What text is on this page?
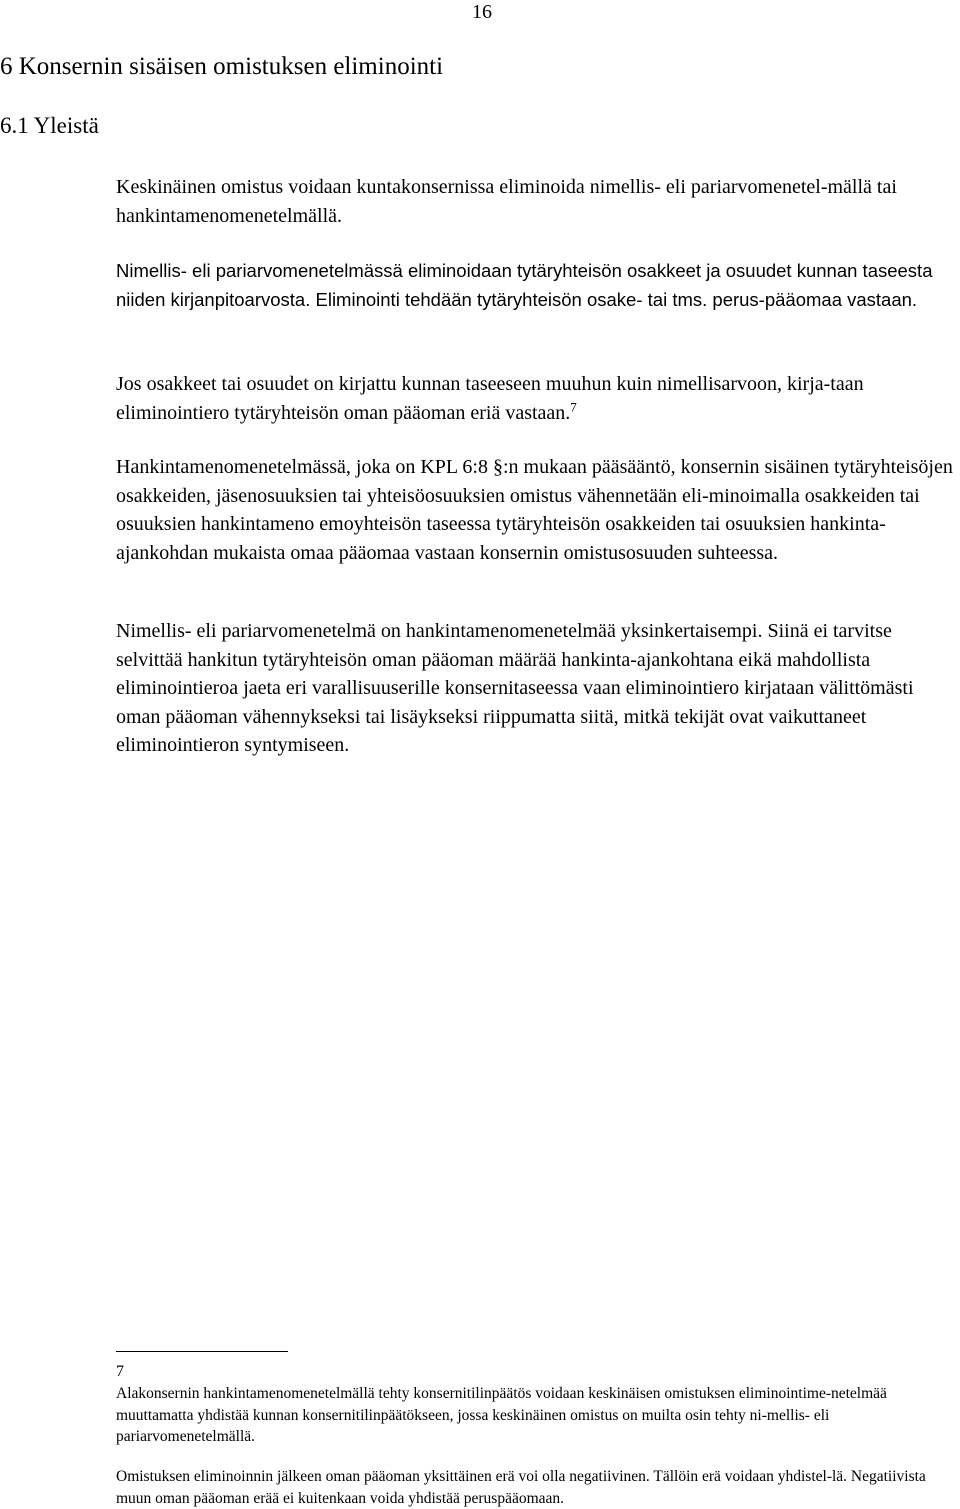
16
6 Konsernin sisäisen omistuksen eliminointi
6.1 Yleistä

Keskinäinen omistus voidaan kuntakonsernissa eliminoida nimellis- eli pariarvomenetel-mällä tai hankintamenomenetelmällä.

Nimellis- eli pariarvomenetelmässä eliminoidaan tytäryhteisön osakkeet ja osuudet kunnan taseesta niiden kirjanpitoarvosta. Eliminointi tehdään tytäryhteisön osake- tai tms. perus-pääomaa vastaan.

Jos osakkeet tai osuudet on kirjattu kunnan taseeseen muuhun kuin nimellisarvoon, kirja-taan eliminointiero tytäryhteisön oman pääoman eriä vastaan.$^7$

Hankintamenomenetelmässä, joka on KPL 6:8 §:n mukaan pääsääntö, konsernin sisäinen tytäryhteisöjen osakkeiden, jäsenosuuksien tai yhteisöosuuksien omistus vähennetään eli-minoimalla osakkeiden tai osuuksien hankintameno emoyhteisön taseessa tytäryhteisön osakkeiden tai osuuksien hankinta-ajankohdan mukaista omaa pääomaa vastaan konsernin omistusosuuden suhteessa.

Nimellis- eli pariarvomenetelmä on hankintamenomenetelmää yksinkertaisempi. Siinä ei tarvitse selvittää hankitun tytäryhteisön oman pääoman määrää hankinta-ajankohtana eikä mahdollista eliminointieroa jaeta eri varallisuuserille konsernitaseessa vaan eliminointiero kirjataan välittömästi oman pääoman vähennykseksi tai lisäykseksi riippumatta siitä, mitkä tekijät ovat vaikuttaneet eliminointieron syntymiseen.

7

Alakonsernin hankintamenomenetelmällä tehty konsernitilinpäätös voidaan keskinäisen omistuksen eliminointime-netelmää muuttamatta yhdistää kunnan konsernitilinpäätökseen, jossa keskinäinen omistus on muilta osin tehty ni-mellis- eli pariarvomenetelmällä.

Omistuksen eliminoinnin jälkeen oman pääoman yksittäinen erä voi olla negatiivinen. Tällöin erä voidaan yhdistel-lä. Negatiivista muun oman pääoman erää ei kuitenkaan voida yhdistää peruspääomaan.
